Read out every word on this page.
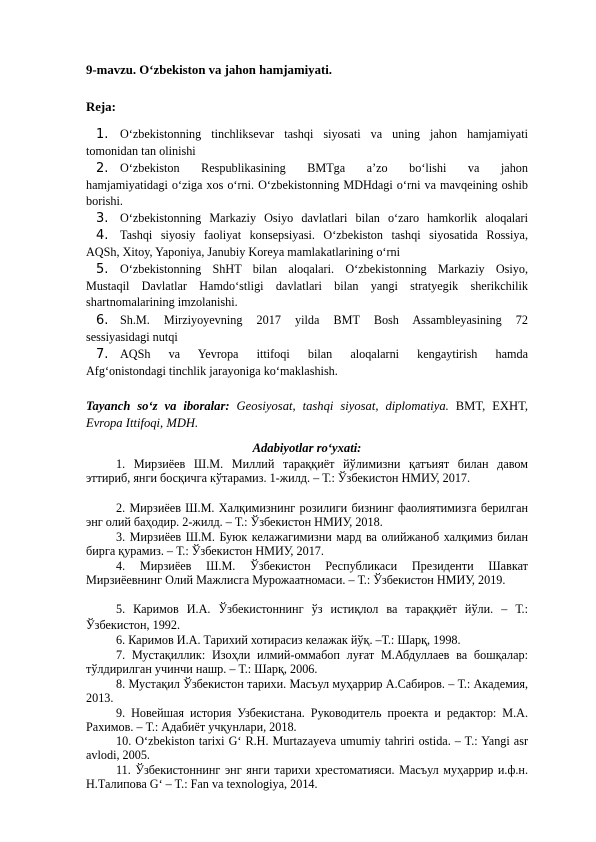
9-mavzu. O‘zbekiston va jahon hamjamiyati.
Reja:
1. O‘zbekistonning tinchliksevar tashqi siyosati va uning jahon hamjamiyati
tomonidan tan olinishi
2. O‘zbekiston Respublikasining BMTga a’zo bo‘lishi va jahon
hamjamiyatidagi o‘ziga xos o‘rni. O‘zbekistonning MDHdagi o‘rni va mavqeining oshib borishi.
3. O‘zbekistonning Markaziy Osiyo davlatlari bilan o‘zaro hamkorlik aloqalari
4. Tashqi siyosiy faoliyat konsepsiyasi. O‘zbekiston tashqi siyosatida Rossiya,
AQSh, Xitoy, Yaponiya, Janubiy Koreya mamlakatlarining o‘rni
5. O‘zbekistonning ShHT bilan aloqalari. O‘zbekistonning Markaziy Osiyo,
Mustaqil Davlatlar Hamdo‘stligi davlatlari bilan yangi stratyegik sherikchilik shartnomalarining imzolanishi.
6. Sh.M. Mirziyoyevning 2017 yilda BMT Bosh Assambleyasining 72
sessiyasidagi nutqi
7. AQSh va Yevropa ittifoqi bilan aloqalarni kengaytirish hamda
Afg‘onistondagi tinchlik jarayoniga ko‘maklashish.
Tayanch so‘z va iboralar: Geosiyosat, tashqi siyosat, diplomatiya. BMT, EXHT, Evropa Ittifoqi, MDH.
Adabiyotlar ro‘yxati:
1. Мирзиёев Ш.М. Миллий тараққиёт йўлимизни қатъият билан давом эттириб, янги босқичга кўтарамиз. 1-жилд. – Т.: Ўзбекистон НМИУ, 2017.
2. Мирзиёев Ш.М. Халқимизнинг розилиги бизнинг фаолиятимизга берилган энг олий баҳодир. 2-жилд. – Т.: Ўзбекистон НМИУ, 2018.
3. Мирзиёев Ш.М. Буюк келажагимизни мард ва олийжаноб халқимиз билан бирга қурамиз. – Т.: Ўзбекистон НМИУ, 2017.
4. Мирзиёев Ш.М. Ўзбекистон Республикаси Президенти Шавкат Мирзиёевнинг Олий Мажлисга Мурожаатномаси. – Т.: Ўзбекистон НМИУ, 2019.
5. Каримов И.А. Ўзбекистоннинг ўз истиқлол ва тараққиёт йўли. – Т.: Ўзбекистон, 1992.
6. Каримов И.А. Тарихий хотирасиз келажак йўқ. –Т.: Шарқ, 1998.
7. Мустақиллик: Изоҳли илмий-оммабоп луғат М.Абдуллаев ва бошқалар: тўлдирилган учинчи нашр. – Т.: Шарқ, 2006.
8. Мустақил Ўзбекистон тарихи. Масъул муҳаррир А.Сабиров. – Т.: Академия, 2013.
9. Новейшая история Узбекистана. Руководитель проекта и редактор: М.А. Рахимов. – Т.: Адабиёт учқунлари, 2018.
10. O‘zbekiston tarixi G‘ R.H. Murtazayeva umumiy tahriri ostida. – T.: Yangi asr avlodi, 2005.
11. Ўзбекистоннинг энг янги тарихи хрестоматияси. Масъул муҳаррир и.ф.н. Н.Талипова G‘ – T.: Fan va texnologiya, 2014.
